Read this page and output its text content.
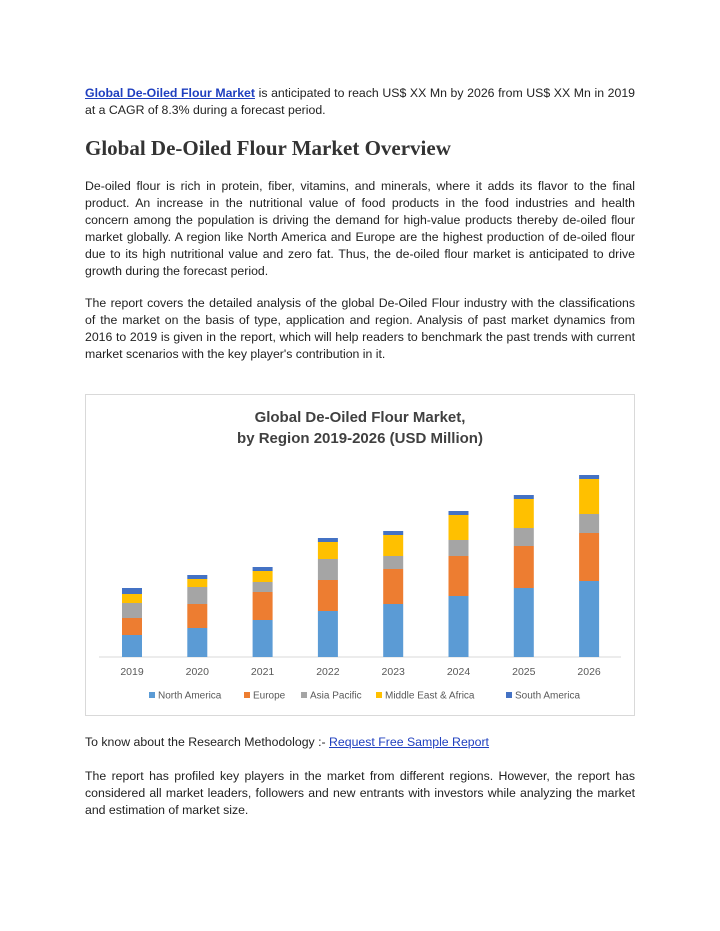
Global De-Oiled Flour Market is anticipated to reach US$ XX Mn by 2026 from US$ XX Mn in 2019 at a CAGR of 8.3% during a forecast period.

Global De-Oiled Flour Market Overview

De-oiled flour is rich in protein, fiber, vitamins, and minerals, where it adds its flavor to the final product. An increase in the nutritional value of food products in the food industries and health concern among the population is driving the demand for high-value products thereby de-oiled flour market globally. A region like North America and Europe are the highest production of de-oiled flour due to its high nutritional value and zero fat. Thus, the de-oiled flour market is anticipated to drive growth during the forecast period.

The report covers the detailed analysis of the global De-Oiled Flour industry with the classifications of the market on the basis of type, application and region. Analysis of past market dynamics from 2016 to 2019 is given in the report, which will help readers to benchmark the past trends with current market scenarios with the key player's contribution in it.

Global De-Oiled Flour Market,
by Region 2019-2026 (USD Million)
2019	2020	2021	2022	2023	2024	2025	2026
North America	Europe Asia Pacific Middle East & Africa	South America

To know about the Research Methodology :- Request Free Sample Report

The report has profiled key players in the market from different regions. However, the report has considered all market leaders, followers and new entrants with investors while analyzing the market and estimation of market size.
